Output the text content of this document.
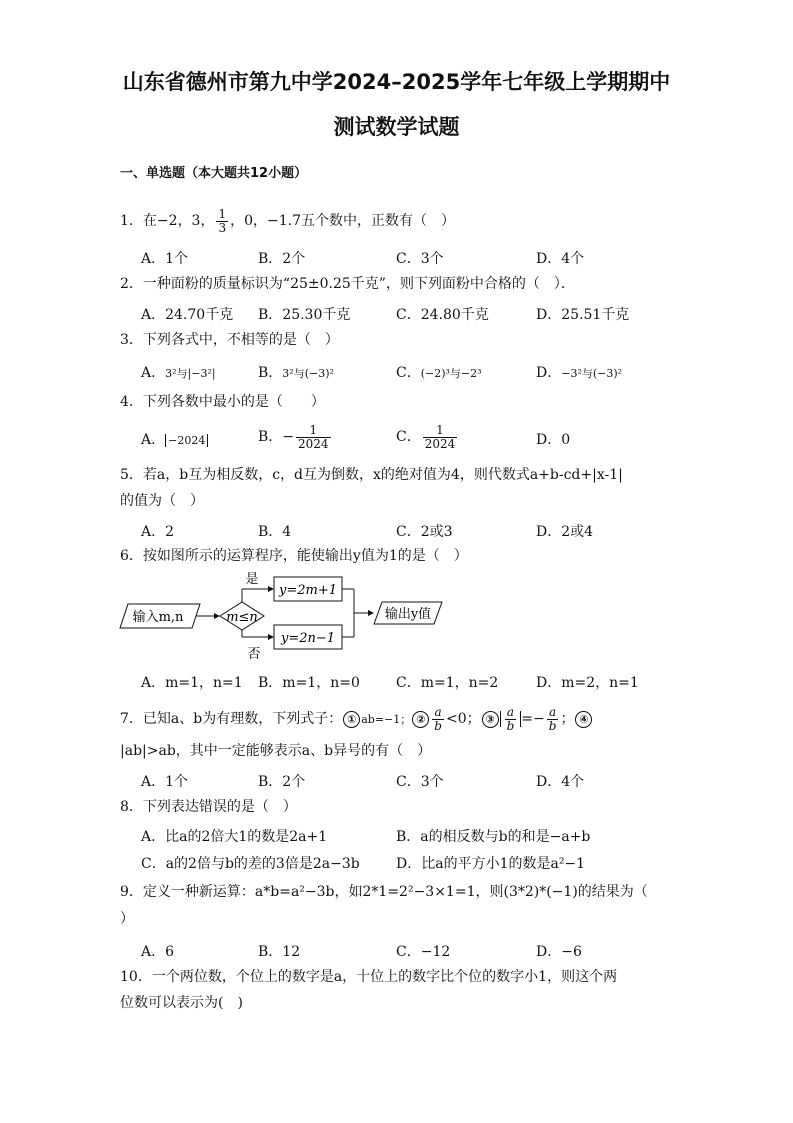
山东省德州市第九中学2024–2025学年七年级上学期期中
测试数学试题
一、单选题（本大题共12小题）
1．在−2，3， $\frac{1}{3}$ ，0，−1.7五个数中，正数有（　）
A．1个	B．2个	C．3个	D．4个
2．一种面粉的质量标识为“25±0.25千克”，则下列面粉中合格的（　）．
A．24.70千克 B．25.30千克	C．24.80千克	D．25.51千克
3．下列各式中，不相等的是（　）
A．3²与|−3²|	B．3²与(−3)²	C．(−2)³与−2³	D．−3²与(−3)²
4．下列各数中最小的是（　　）
A． −2024	B．− $\frac{1}{2024}$	C． $\frac{1}{2024}$	D．0
5．若a，b互为相反数，c，d互为倒数，x的绝对值为4，则代数式a+b-cd+|x-1|
的值为（　）
A．2	B．4	C．2或3	D．2或4
6．按如图所示的运算程序，能使输出y值为1的是（　）
输入m,n	m≤n
是
y=2m+1
否
y=2n−1
输出y值
A．m=1，n=1 B．m=1，n=0	C．m=1，n=2	D．m=2，n=1
7．已知a、b为有理数，下列式子： ① ab=−1； ② $\frac{a}{b} <0$； ③ $\frac{a}{b} =- \frac{a}{b}$ ； ④
|ab|>ab，其中一定能够表示a、b异号的有（　）
A．1个	B．2个	C．3个	D．4个
8．下列表达错误的是（　）
A．比a的2倍大1的数是2a+1	B．a的相反数与b的和是−a+b
C．a的2倍与b的差的3倍是2a−3b	D．比a的平方小1的数是a²−1
9．定义一种新运算：a*b=a²−3b，如2*1=2²−3×1=1，则(3*2)*(−1)的结果为（
）
A．6	B．12	C．−12	D．−6
10．一个两位数，个位上的数字是a，十位上的数字比个位的数字小1，则这个两
位数可以表示为(　)
